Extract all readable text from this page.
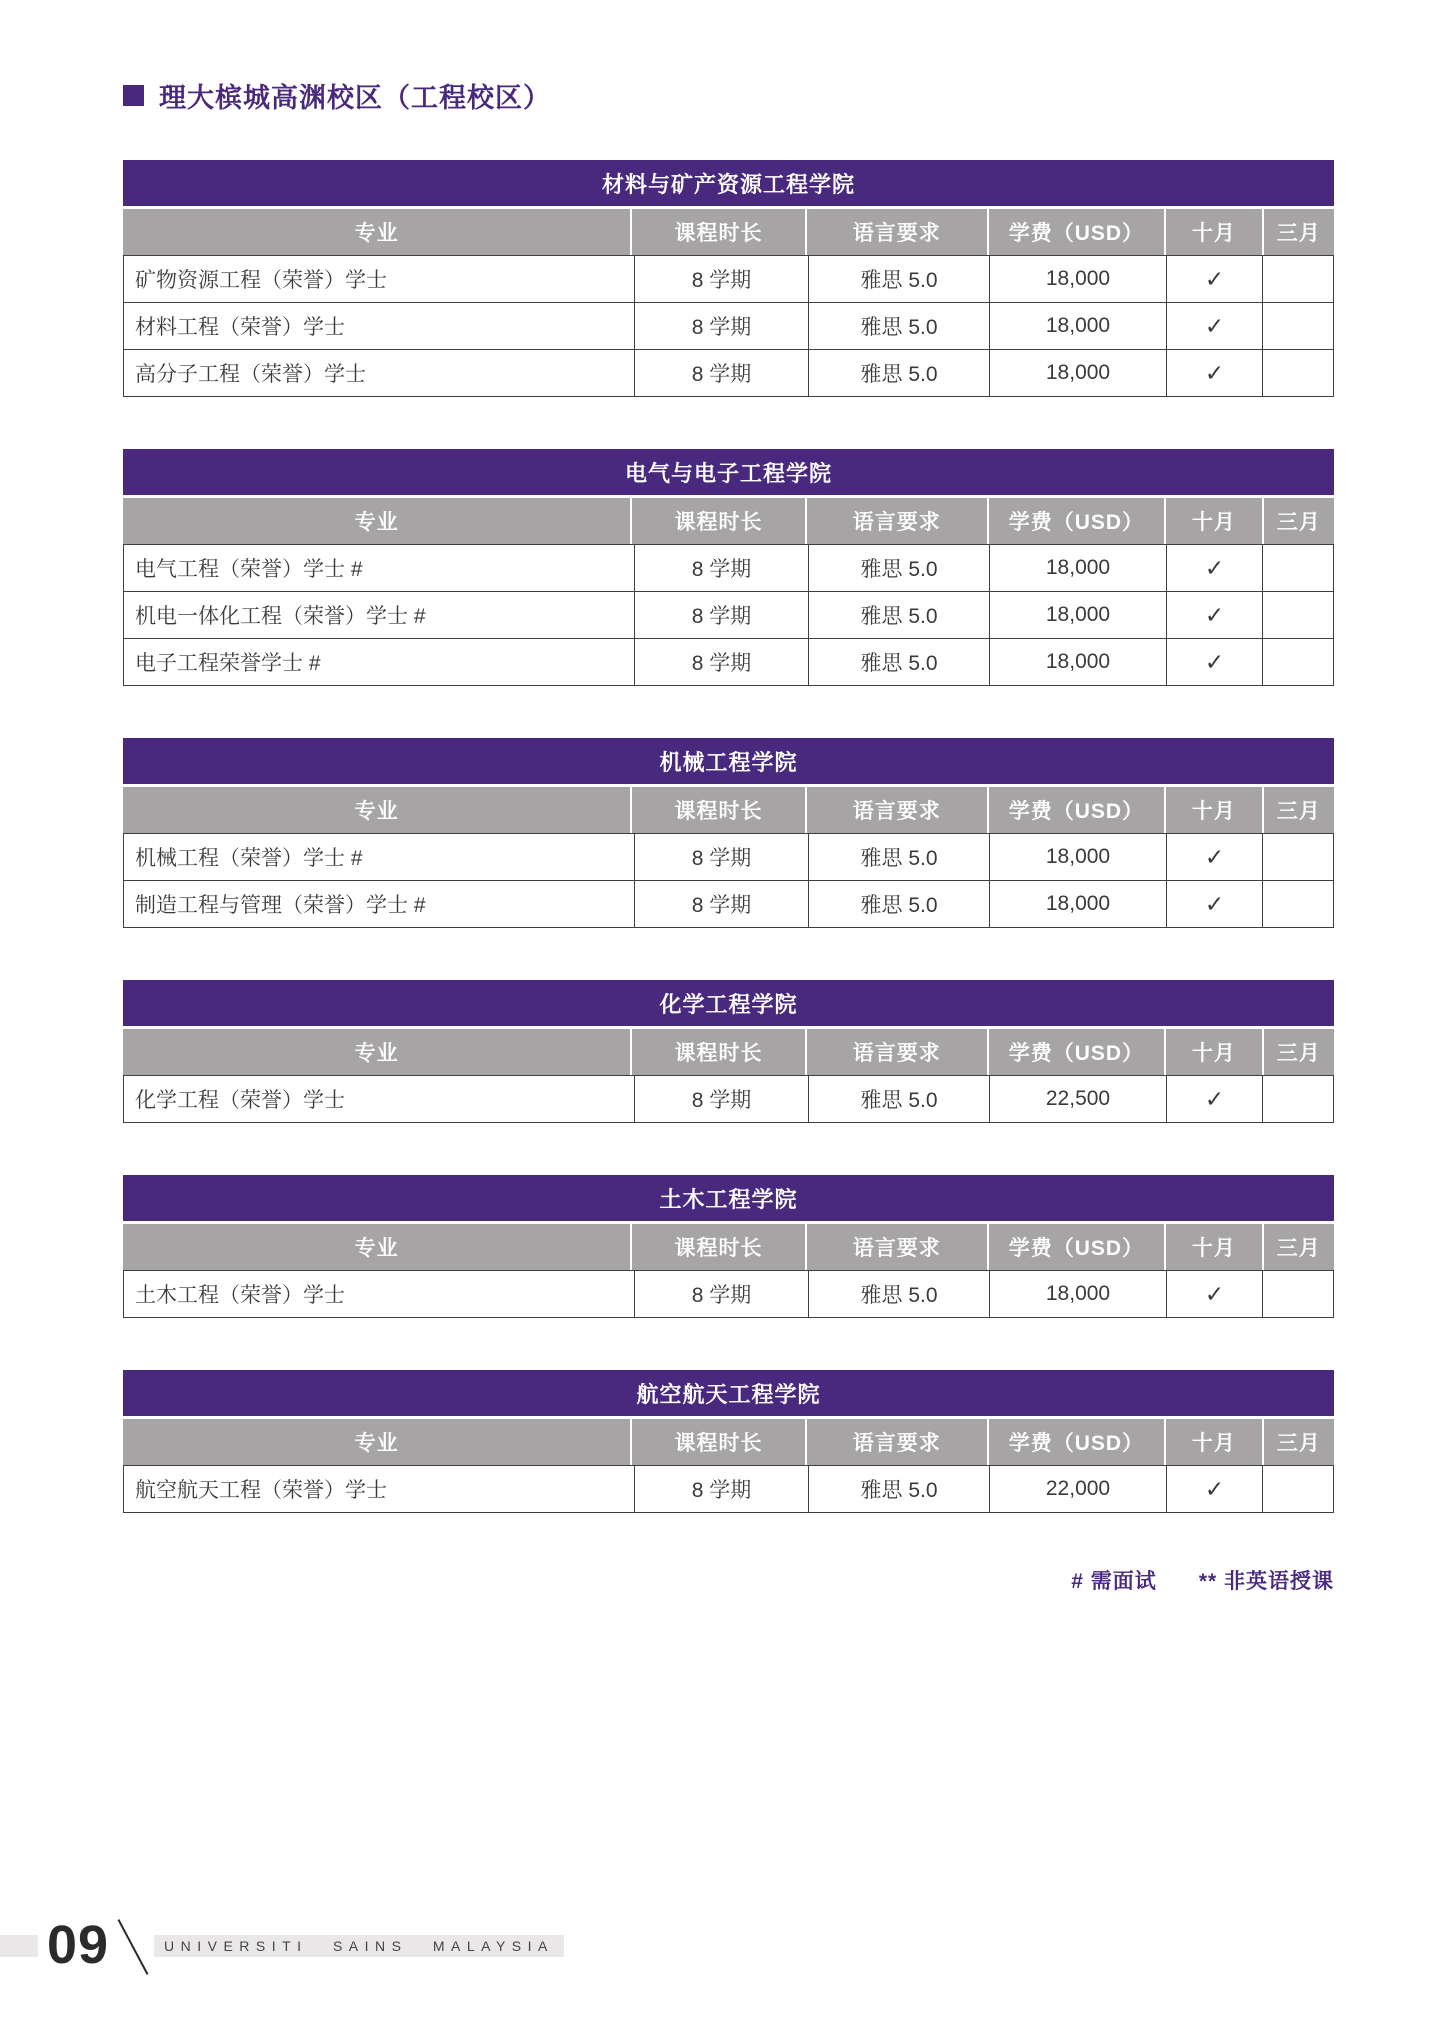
理大槟城高渊校区（工程校区）
材料与矿产资源工程学院
专业	课程时长	语言要求	学费（USD）	十月	三月
矿物资源工程（荣誉）学士	8 学期	雅思 5.0	18,000	✓
材料工程（荣誉）学士	8 学期	雅思 5.0	18,000	✓
高分子工程（荣誉）学士	8 学期	雅思 5.0	18,000	✓
电气与电子工程学院
专业	课程时长	语言要求	学费（USD）	十月	三月
电气工程（荣誉）学士 #	8 学期	雅思 5.0	18,000	✓
机电一体化工程（荣誉）学士 #	8 学期	雅思 5.0	18,000	✓
电子工程荣誉学士 #	8 学期	雅思 5.0	18,000	✓
机械工程学院
专业	课程时长	语言要求	学费（USD）	十月	三月
机械工程（荣誉）学士 #	8 学期	雅思 5.0	18,000	✓
制造工程与管理（荣誉）学士 #	8 学期	雅思 5.0	18,000	✓
化学工程学院
专业	课程时长	语言要求	学费（USD）	十月	三月
化学工程（荣誉）学士	8 学期	雅思 5.0	22,500	✓
土木工程学院
专业	课程时长	语言要求	学费（USD）	十月	三月
土木工程（荣誉）学士	8 学期	雅思 5.0	18,000	✓
航空航天工程学院
专业	课程时长	语言要求	学费（USD）	十月	三月
航空航天工程（荣誉）学士	8 学期	雅思 5.0	22,000	✓
# 需面试 ** 非英语授课
09	UNIVERSITI SAINS MALAYSIA
